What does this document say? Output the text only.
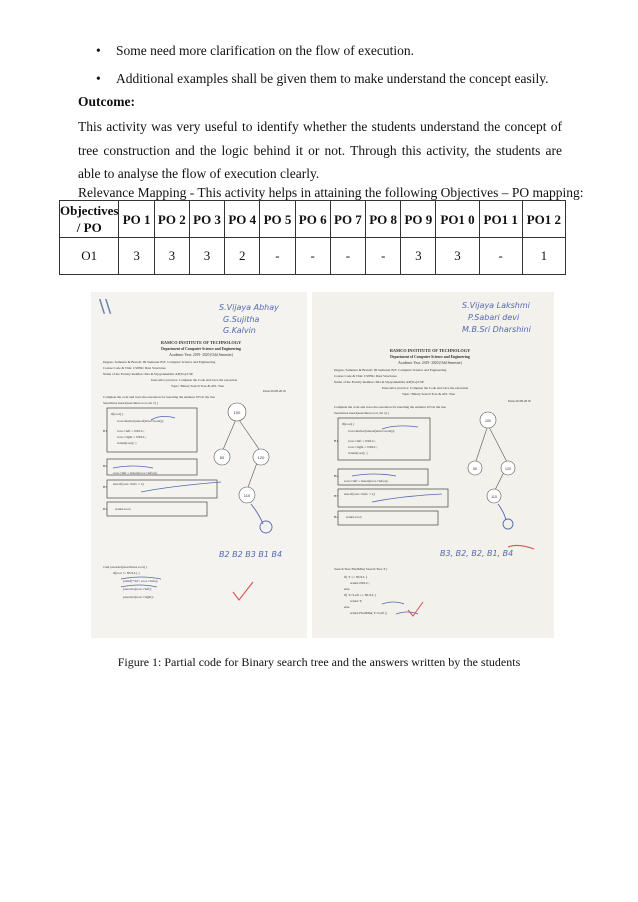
• Some need more clarification on the flow of execution.
• Additional examples shall be given them to make understand the concept easily.
Outcome:
This activity was very useful to identify whether the students understand the concept of tree construction and the logic behind it or not. Through this activity, the students are able to analyse the flow of execution clearly.
Relevance Mapping - This activity helps in attaining the following Objectives – PO mapping:
Objectives / PO	PO 1	PO 2	PO 3	PO 4	PO 5	PO 6	PO 7	PO 8	PO 9	PO1 0	PO1 1	PO1 2
O1	3	3	3	2	-	-	-	-	3	3	-	1
\\	S.Vijaya Abhay
G.Sujitha
G.Kalvin
RAMCO INSTITUTE OF TECHNOLOGY
Department of Computer Science and Engineering
Academic Year: 2019- 2020 (Odd Semester)
Degree, Semester & Branch: III Semester B.E. Computer Science and Engineering
Course Code & Title: CS8391 Data Structures
Name of the Faculty member: Mrs.R.Vijayalakshmi, AP(SG)/CSE
Innovative practice: Complete the Code and trace the execution
Topic: Binary Search Tree & AVL Tree
Date:20.08.2019
Complete the code and trace the execution for inserting the element 105 in the tree
Searchtree insert(searchtree root, int x) {
if(root) {
root=malloc(sizeof(struct node));
root->left = NULL;
root->right = NULL;
return(root); }
B1
B2
root->left = insert(root->left,x);
B3
else if(root->info < x)
B4 return root;
100
50	120
110
B2 B2 B3 B1 B4
void preorder(searchtree root) {
if(root != NULL) {
printf("%d", root->info);
preorder(root->left);
preorder(root->right);
S.Vijaya Lakshmi
P.Sabari devi
M.B.Sri Dharshini
RAMCO INSTITUTE OF TECHNOLOGY
Department of Computer Science and Engineering
Academic Year: 2019- 2020 (Odd Semester)
Degree, Semester & Branch: III Semester B.E. Computer Science and Engineering
Course Code & Title: CS8391 Data Structures
Name of the Faculty member: Mrs.R.Vijayalakshmi, AP(SG)/CSE
Innovative practice: Complete the Code and trace the execution
Topic: Binary Search Tree & AVL Tree
Date:20.08.2019
Complete the code and trace the execution for inserting the element 105 in the tree
Searchtree insert(searchtree root, int x) {
if(root) {
root=malloc(sizeof(struct node));
root->left = NULL;
root->right = NULL;
return(root); }
B1
B2
root->left = insert(root->left,x);
B3 else if(root->info < x)
B4 return root;
100
50	120
110
B3, B2, B2, B1, B4
Search Tree FindMin( Search Tree T )
if( T == NULL )
return NULL;
else
if( T->Left == NULL )
return T;
else
return FindMin( T->Left );
Figure 1: Partial code for Binary search tree and the answers written by the students
